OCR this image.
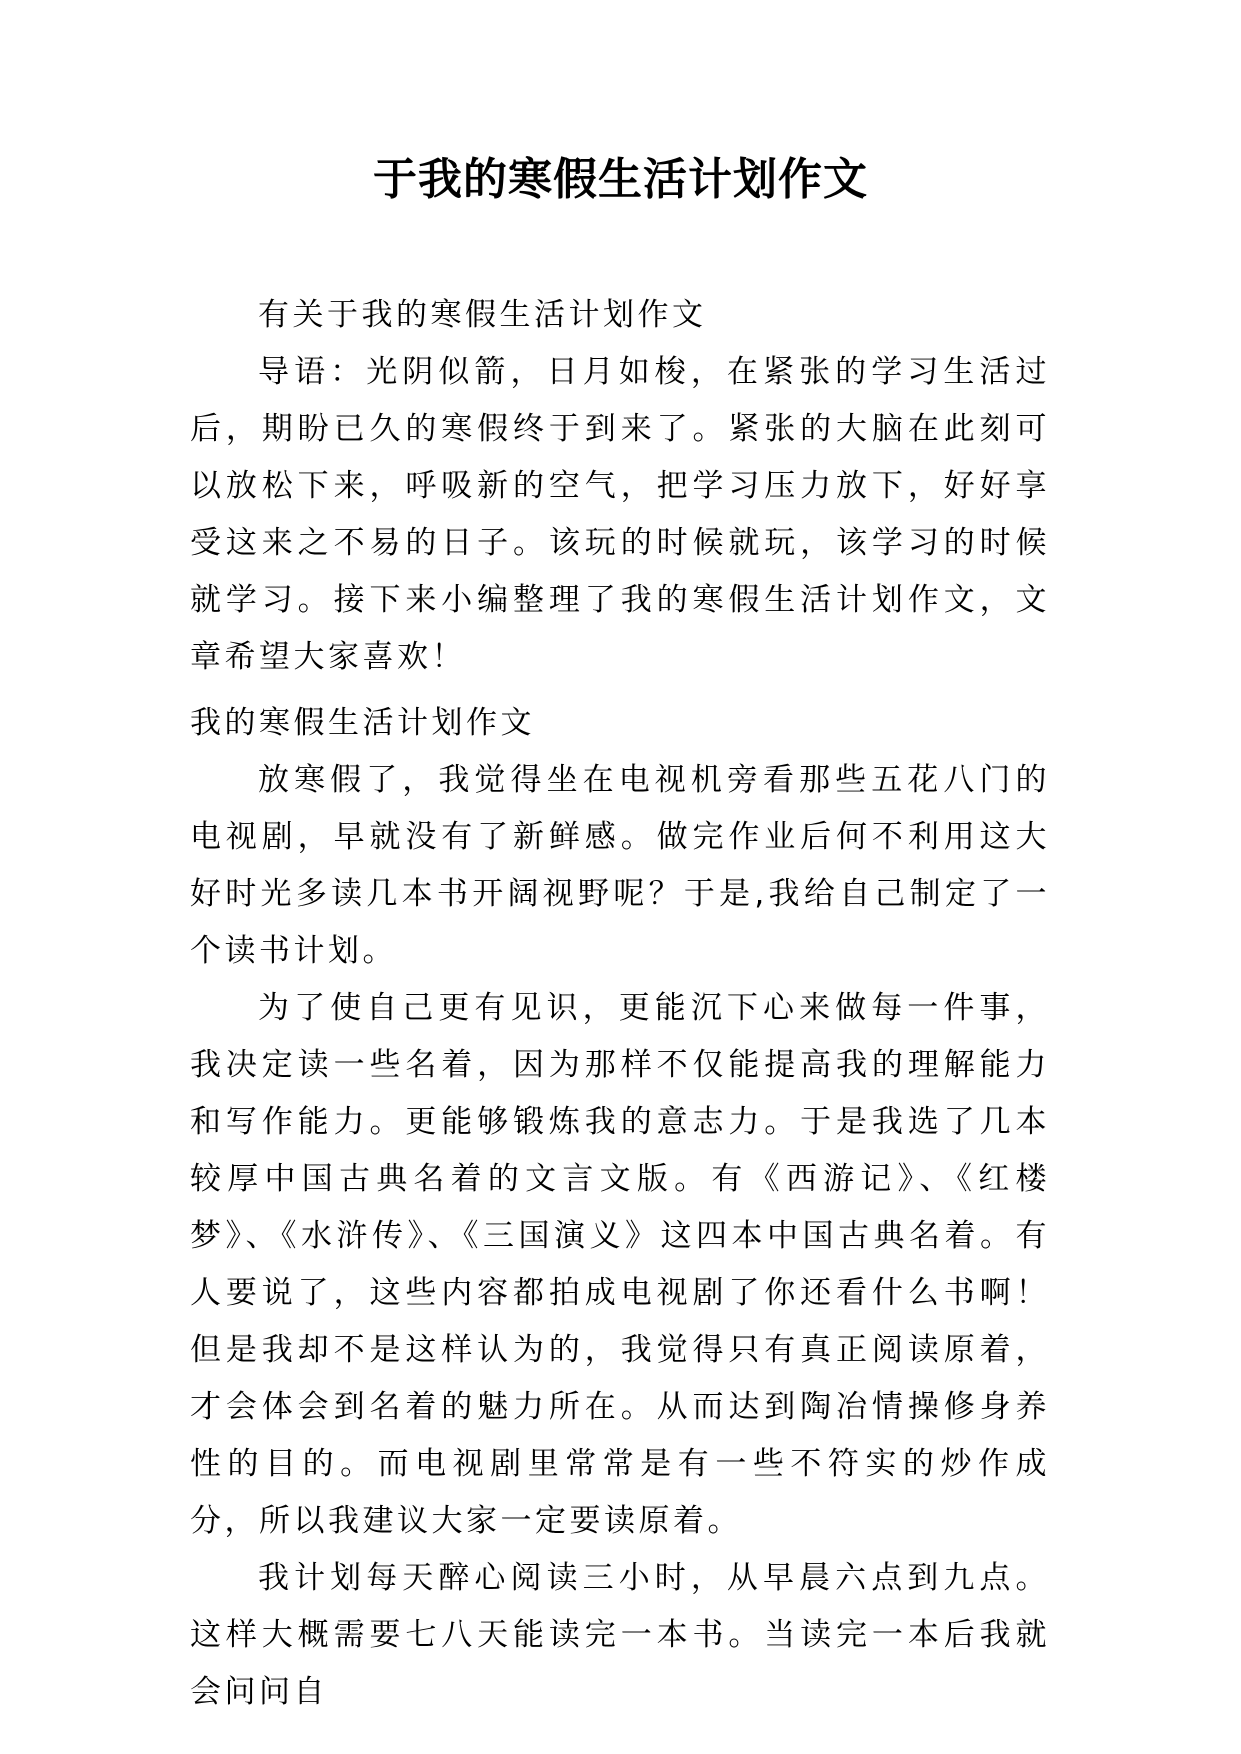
于我的寒假生活计划作文

有关于我的寒假生活计划作文

导语：光阴似箭，日月如梭，在紧张的学习生活过后，期盼已久的寒假终于到来了。紧张的大脑在此刻可以放松下来，呼吸新的空气，把学习压力放下，好好享受这来之不易的日子。该玩的时候就玩，该学习的时候就学习。接下来小编整理了我的寒假生活计划作文，文章希望大家喜欢！

我的寒假生活计划作文

放寒假了，我觉得坐在电视机旁看那些五花八门的电视剧，早就没有了新鲜感。做完作业后何不利用这大好时光多读几本书开阔视野呢？于是,我给自己制定了一个读书计划。

为了使自己更有见识，更能沉下心来做每一件事，我决定读一些名着，因为那样不仅能提高我的理解能力和写作能力。更能够锻炼我的意志力。于是我选了几本较厚中国古典名着的文言文版。有《西游记》、《红楼梦》、《水浒传》、《三国演义》这四本中国古典名着。有人要说了，这些内容都拍成电视剧了你还看什么书啊！但是我却不是这样认为的，我觉得只有真正阅读原着，才会体会到名着的魅力所在。从而达到陶冶情操修身养性的目的。而电视剧里常常是有一些不符实的炒作成分，所以我建议大家一定要读原着。

我计划每天醉心阅读三小时，从早晨六点到九点。这样大概需要七八天能读完一本书。当读完一本后我就会问问自
